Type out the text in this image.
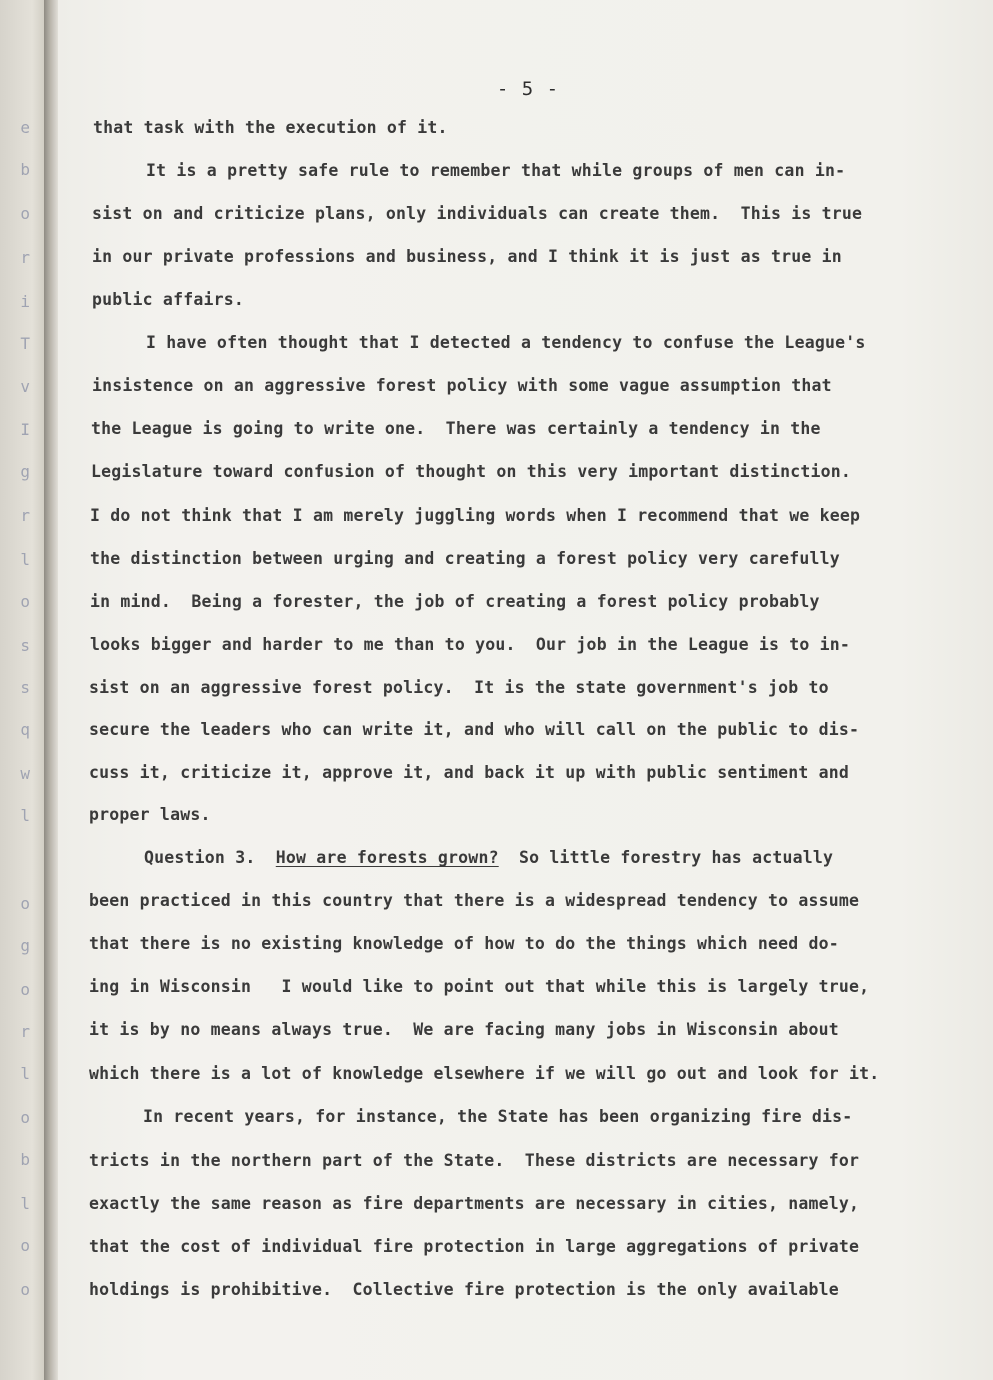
e
b
o
r
i
T
v
I
g
r
l
o
s
s
q
w
l
o
g
o
r
l
o
b
l
o
o
- 5 -
that task with the execution of it.
It is a pretty safe rule to remember that while groups of men can in-
sist on and criticize plans, only individuals can create them.  This is true
in our private professions and business, and I think it is just as true in
public affairs.
I have often thought that I detected a tendency to confuse the League's
insistence on an aggressive forest policy with some vague assumption that
the League is going to write one.  There was certainly a tendency in the
Legislature toward confusion of thought on this very important distinction.
I do not think that I am merely juggling words when I recommend that we keep
the distinction between urging and creating a forest policy very carefully
in mind.  Being a forester, the job of creating a forest policy probably
looks bigger and harder to me than to you.  Our job in the League is to in-
sist on an aggressive forest policy.  It is the state government's job to
secure the leaders who can write it, and who will call on the public to dis-
cuss it, criticize it, approve it, and back it up with public sentiment and
proper laws.
Question 3. How are forests grown? So little forestry has actually
been practiced in this country that there is a widespread tendency to assume
that there is no existing knowledge of how to do the things which need do-
ing in Wisconsin   I would like to point out that while this is largely true,
it is by no means always true.  We are facing many jobs in Wisconsin about
which there is a lot of knowledge elsewhere if we will go out and look for it.
In recent years, for instance, the State has been organizing fire dis-
tricts in the northern part of the State.  These districts are necessary for
exactly the same reason as fire departments are necessary in cities, namely,
that the cost of individual fire protection in large aggregations of private
holdings is prohibitive.  Collective fire protection is the only available
